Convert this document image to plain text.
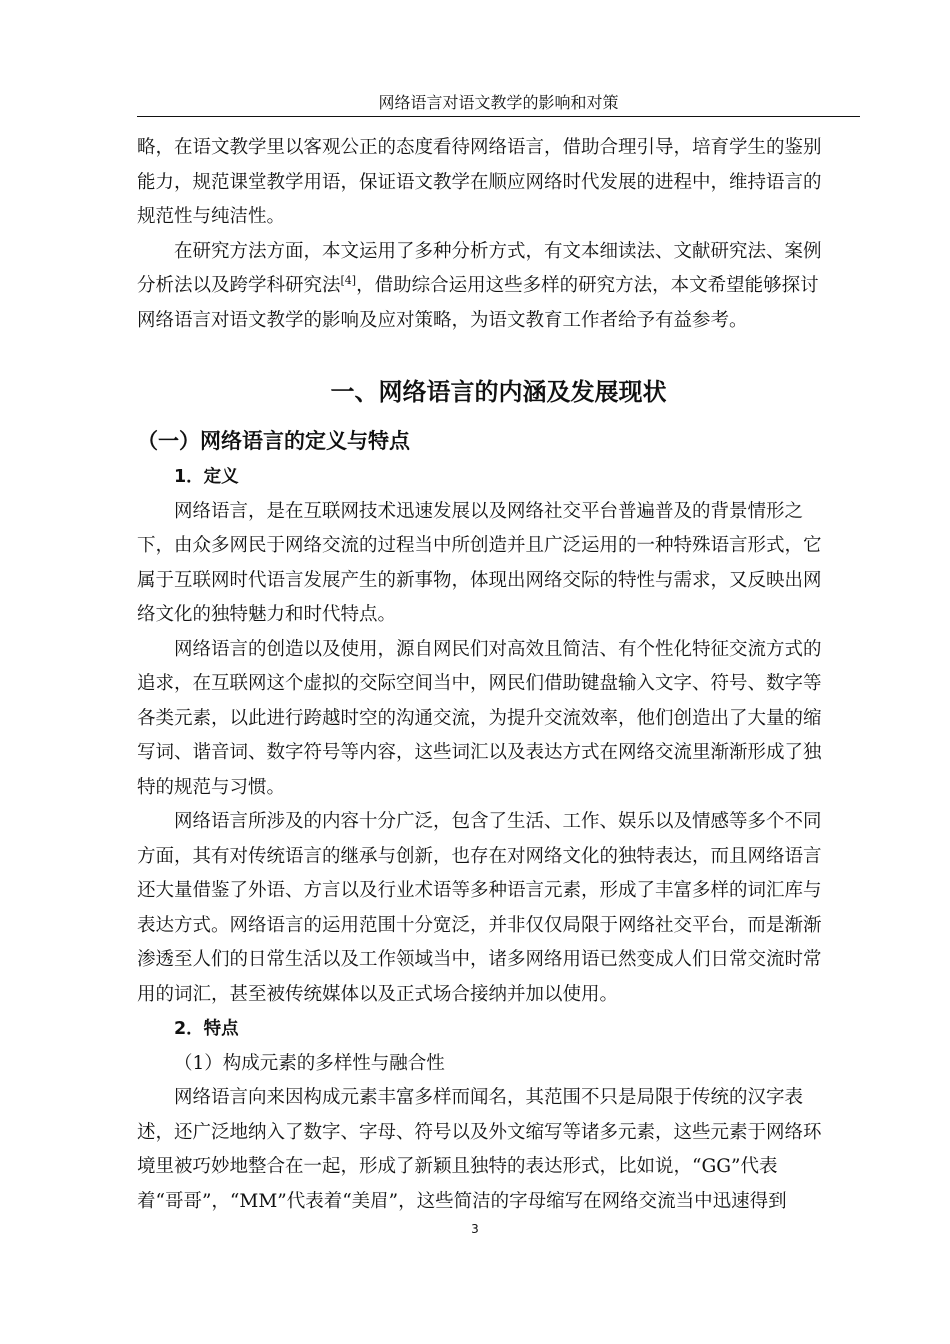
网络语言对语文教学的影响和对策

略，在语文教学里以客观公正的态度看待网络语言，借助合理引导，培育学生的鉴别

能力，规范课堂教学用语，保证语文教学在顺应网络时代发展的进程中，维持语言的

规范性与纯洁性。

在研究方法方面，本文运用了多种分析方式，有文本细读法、文献研究法、案例

分析法以及跨学科研究法[4]，借助综合运用这些多样的研究方法，本文希望能够探讨

网络语言对语文教学的影响及应对策略，为语文教育工作者给予有益参考。

一、网络语言的内涵及发展现状
（一）网络语言的定义与特点

1．定义

网络语言，是在互联网技术迅速发展以及网络社交平台普遍普及的背景情形之

下，由众多网民于网络交流的过程当中所创造并且广泛运用的一种特殊语言形式，它

属于互联网时代语言发展产生的新事物，体现出网络交际的特性与需求，又反映出网

络文化的独特魅力和时代特点。

网络语言的创造以及使用，源自网民们对高效且简洁、有个性化特征交流方式的

追求，在互联网这个虚拟的交际空间当中，网民们借助键盘输入文字、符号、数字等

各类元素，以此进行跨越时空的沟通交流，为提升交流效率，他们创造出了大量的缩

写词、谐音词、数字符号等内容，这些词汇以及表达方式在网络交流里渐渐形成了独

特的规范与习惯。

网络语言所涉及的内容十分广泛，包含了生活、工作、娱乐以及情感等多个不同

方面，其有对传统语言的继承与创新，也存在对网络文化的独特表达，而且网络语言

还大量借鉴了外语、方言以及行业术语等多种语言元素，形成了丰富多样的词汇库与

表达方式。网络语言的运用范围十分宽泛，并非仅仅局限于网络社交平台，而是渐渐

渗透至人们的日常生活以及工作领域当中，诸多网络用语已然变成人们日常交流时常

用的词汇，甚至被传统媒体以及正式场合接纳并加以使用。

2．特点

（1）构成元素的多样性与融合性

网络语言向来因构成元素丰富多样而闻名，其范围不只是局限于传统的汉字表

述，还广泛地纳入了数字、字母、符号以及外文缩写等诸多元素，这些元素于网络环

境里被巧妙地整合在一起，形成了新颖且独特的表达形式，比如说，“GG”代表

着“哥哥”，“MM”代表着“美眉”，这些简洁的字母缩写在网络交流当中迅速得到

3
